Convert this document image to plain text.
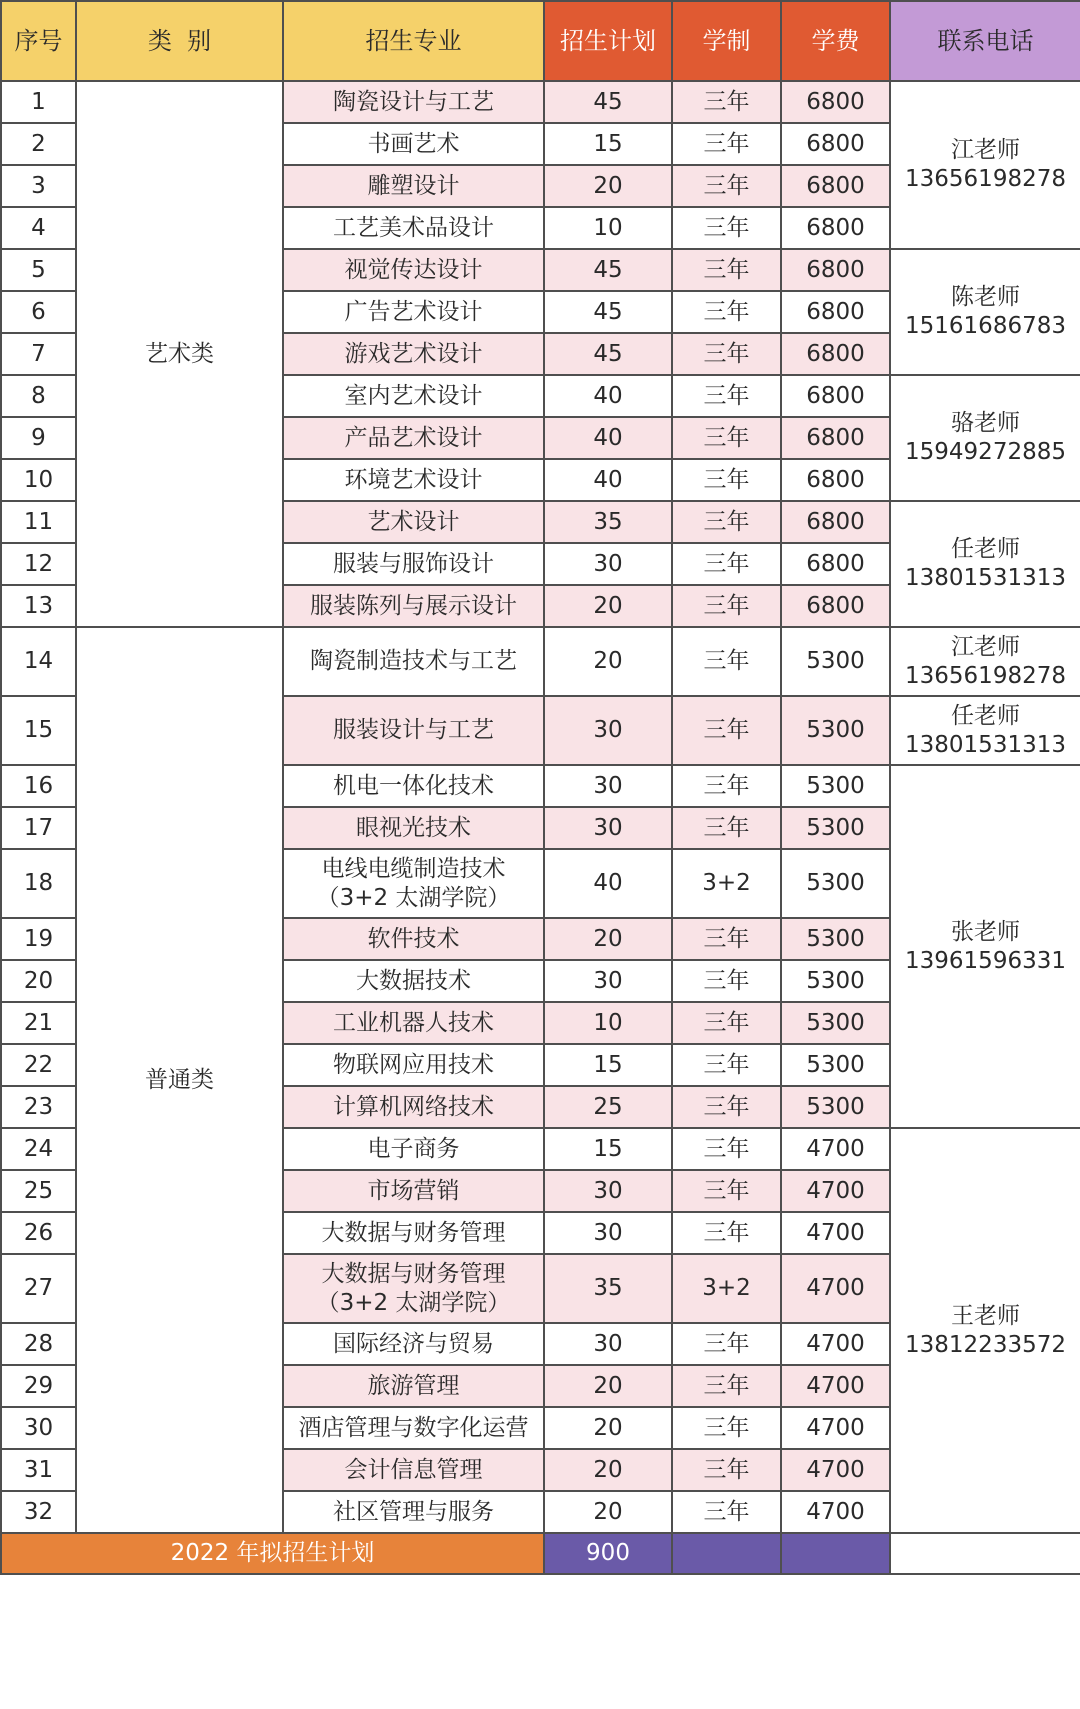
序号	类  别	招生专业	招生计划	学制	学费	联系电话
1	艺术类	陶瓷设计与工艺	45	三年	6800	江老师
13656198278
2		书画艺术	15	三年	6800	
3		雕塑设计	20	三年	6800	
4		工艺美术品设计	10	三年	6800	
5		视觉传达设计	45	三年	6800	陈老师
15161686783
6		广告艺术设计	45	三年	6800	
7		游戏艺术设计	45	三年	6800	
8		室内艺术设计	40	三年	6800	骆老师
15949272885
9		产品艺术设计	40	三年	6800	
10		环境艺术设计	40	三年	6800	
11		艺术设计	35	三年	6800	任老师
13801531313
12		服装与服饰设计	30	三年	6800	
13		服装陈列与展示设计	20	三年	6800	
14	普通类	陶瓷制造技术与工艺	20	三年	5300	江老师
13656198278
15		服装设计与工艺	30	三年	5300	任老师
13801531313
16		机电一体化技术	30	三年	5300	张老师
13961596331
17		眼视光技术	30	三年	5300	
18		电线电缆制造技术
（3+2 太湖学院）	40	3+2	5300	
19		软件技术	20	三年	5300	
20		大数据技术	30	三年	5300	
21		工业机器人技术	10	三年	5300	
22		物联网应用技术	15	三年	5300	
23		计算机网络技术	25	三年	5300	
24		电子商务	15	三年	4700	王老师
13812233572
25		市场营销	30	三年	4700	
26		大数据与财务管理	30	三年	4700	
27		大数据与财务管理
（3+2 太湖学院）	35	3+2	4700	
28		国际经济与贸易	30	三年	4700	
29		旅游管理	20	三年	4700	
30		酒店管理与数字化运营	20	三年	4700	
31		会计信息管理	20	三年	4700	
32		社区管理与服务	20	三年	4700	
2022 年拟招生计划			900			
